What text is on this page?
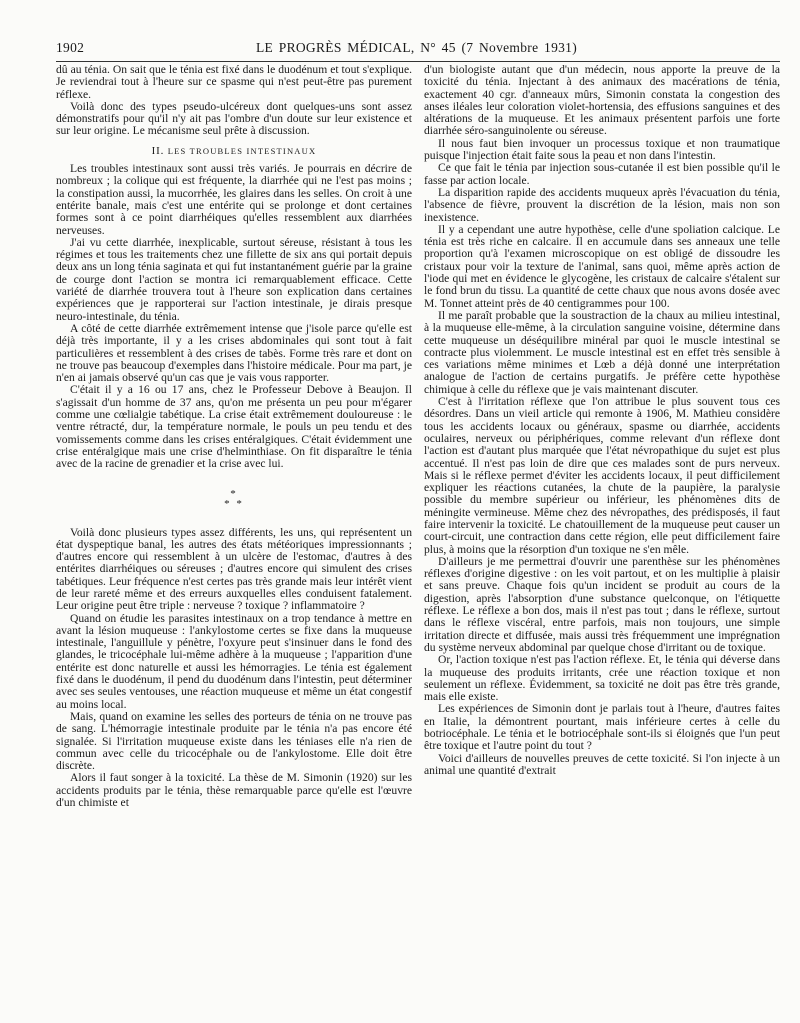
1902	LE PROGRÈS MÉDICAL, N° 45 (7 Novembre 1931)

dû au ténia. On sait que le ténia est fixé dans le duodénum et tout s'explique. Je reviendrai tout à l'heure sur ce spasme qui n'est peut-être pas purement réflexe.

Voilà donc des types pseudo-ulcéreux dont quelques-uns sont assez démonstratifs pour qu'il n'y ait pas l'ombre d'un doute sur leur existence et sur leur origine. Le mécanisme seul prête à discussion.

II. LES TROUBLES INTESTINAUX

Les troubles intestinaux sont aussi très variés. Je pourrais en décrire de nombreux ; la colique qui est fréquente, la diarrhée qui ne l'est pas moins ; la constipation aussi, la mucorrhée, les glaires dans les selles. On croit à une entérite banale, mais c'est une entérite qui se prolonge et dont certaines formes sont à ce point diarrhéiques qu'elles ressemblent aux diarrhées nerveuses.

J'ai vu cette diarrhée, inexplicable, surtout séreuse, résistant à tous les régimes et tous les traitements chez une fillette de six ans qui portait depuis deux ans un long ténia saginata et qui fut instantanément guérie par la graine de courge dont l'action se montra ici remarquablement efficace. Cette variété de diarrhée trouvera tout à l'heure son explication dans certaines expériences que je rapporterai sur l'action intestinale, je dirais presque neuro-intestinale, du ténia.

A côté de cette diarrhée extrêmement intense que j'isole parce qu'elle est déjà très importante, il y a les crises abdominales qui sont tout à fait particulières et ressemblent à des crises de tabès. Forme très rare et dont on ne trouve pas beaucoup d'exemples dans l'histoire médicale. Pour ma part, je n'en ai jamais observé qu'un cas que je vais vous rapporter.

C'était il y a 16 ou 17 ans, chez le Professeur Debove à Beaujon. Il s'agissait d'un homme de 37 ans, qu'on me présenta un peu pour m'égarer comme une cœlialgie tabétique. La crise était extrêmement douloureuse : le ventre rétracté, dur, la température normale, le pouls un peu tendu et des vomissements comme dans les crises entéralgiques. C'était évidemment une crise entéralgique mais une crise d'helminthiase. On fit disparaître le ténia avec de la racine de grenadier et la crise avec lui.

*
* *

Voilà donc plusieurs types assez différents, les uns, qui représentent un état dyspeptique banal, les autres des états météoriques impressionnants ; d'autres encore qui ressemblent à un ulcère de l'estomac, d'autres à des entérites diarrhéiques ou séreuses ; d'autres encore qui simulent des crises tabétiques. Leur fréquence n'est certes pas très grande mais leur intérêt vient de leur rareté même et des erreurs auxquelles elles conduisent fatalement. Leur origine peut être triple : nerveuse ? toxique ? inflammatoire ?

Quand on étudie les parasites intestinaux on a trop tendance à mettre en avant la lésion muqueuse : l'ankylostome certes se fixe dans la muqueuse intestinale, l'anguillule y pénètre, l'oxyure peut s'insinuer dans le fond des glandes, le tricocéphale lui-même adhère à la muqueuse ; l'apparition d'une entérite est donc naturelle et aussi les hémorragies. Le ténia est également fixé dans le duodénum, il pend du duodénum dans l'intestin, peut déterminer avec ses seules ventouses, une réaction muqueuse et même un état congestif au moins local.

Mais, quand on examine les selles des porteurs de ténia on ne trouve pas de sang. L'hémorragie intestinale produite par le ténia n'a pas encore été signalée. Si l'irritation muqueuse existe dans les téniases elle n'a rien de commun avec celle du tricocéphale ou de l'ankylostome. Elle doit être discrète.

Alors il faut songer à la toxicité. La thèse de M. Simonin (1920) sur les accidents produits par le ténia, thèse remarquable parce qu'elle est l'œuvre d'un chimiste et

d'un biologiste autant que d'un médecin, nous apporte la preuve de la toxicité du ténia. Injectant à des animaux des macérations de ténia, exactement 40 cgr. d'anneaux mûrs, Simonin constata la congestion des anses iléales leur coloration violet-hortensia, des effusions sanguines et des altérations de la muqueuse. Et les animaux présentent parfois une forte diarrhée séro-sanguinolente ou séreuse.

Il nous faut bien invoquer un processus toxique et non traumatique puisque l'injection était faite sous la peau et non dans l'intestin.

Ce que fait le ténia par injection sous-cutanée il est bien possible qu'il le fasse par action locale.

La disparition rapide des accidents muqueux après l'évacuation du ténia, l'absence de fièvre, prouvent la discrétion de la lésion, mais non son inexistence.

Il y a cependant une autre hypothèse, celle d'une spoliation calcique. Le ténia est très riche en calcaire. Il en accumule dans ses anneaux une telle proportion qu'à l'examen microscopique on est obligé de dissoudre les cristaux pour voir la texture de l'animal, sans quoi, même après action de l'iode qui met en évidence le glycogène, les cristaux de calcaire s'étalent sur le fond brun du tissu. La quantité de cette chaux que nous avons dosée avec M. Tonnet atteint près de 40 centigrammes pour 100.

Il me paraît probable que la soustraction de la chaux au milieu intestinal, à la muqueuse elle-même, à la circulation sanguine voisine, détermine dans cette muqueuse un déséquilibre minéral par quoi le muscle intestinal se contracte plus violemment. Le muscle intestinal est en effet très sensible à ces variations même minimes et Lœb a déjà donné une interprétation analogue de l'action de certains purgatifs. Je préfère cette hypothèse chimique à celle du réflexe que je vais maintenant discuter.

C'est à l'irritation réflexe que l'on attribue le plus souvent tous ces désordres. Dans un vieil article qui remonte à 1906, M. Mathieu considère tous les accidents locaux ou généraux, spasme ou diarrhée, accidents oculaires, nerveux ou périphériques, comme relevant d'un réflexe dont l'action est d'autant plus marquée que l'état névropathique du sujet est plus accentué. Il n'est pas loin de dire que ces malades sont de purs nerveux. Mais si le réflexe permet d'éviter les accidents locaux, il peut difficilement expliquer les réactions cutanées, la chute de la paupière, la paralysie possible du membre supérieur ou inférieur, les phénomènes dits de méningite vermineuse. Même chez des névropathes, des prédisposés, il faut faire intervenir la toxicité. Le chatouillement de la muqueuse peut causer un court-circuit, une contraction dans cette région, elle peut difficilement faire plus, à moins que la résorption d'un toxique ne s'en mêle.

D'ailleurs je me permettrai d'ouvrir une parenthèse sur les phénomènes réflexes d'origine digestive : on les voit partout, et on les multiplie à plaisir et sans preuve. Chaque fois qu'un incident se produit au cours de la digestion, après l'absorption d'une substance quelconque, on l'étiquette réflexe. Le réflexe a bon dos, mais il n'est pas tout ; dans le réflexe, surtout dans le réflexe viscéral, entre parfois, mais non toujours, une simple irritation directe et diffusée, mais aussi très fréquemment une imprégnation du système nerveux abdominal par quelque chose d'irritant ou de toxique.

Or, l'action toxique n'est pas l'action réflexe. Et, le ténia qui déverse dans la muqueuse des produits irritants, crée une réaction toxique et non seulement un réflexe. Évidemment, sa toxicité ne doit pas être très grande, mais elle existe.

Les expériences de Simonin dont je parlais tout à l'heure, d'autres faites en Italie, la démontrent pourtant, mais inférieure certes à celle du botriocéphale. Le ténia et le botriocéphale sont-ils si éloignés que l'un peut être toxique et l'autre point du tout ?

Voici d'ailleurs de nouvelles preuves de cette toxicité. Si l'on injecte à un animal une quantité d'extrait
